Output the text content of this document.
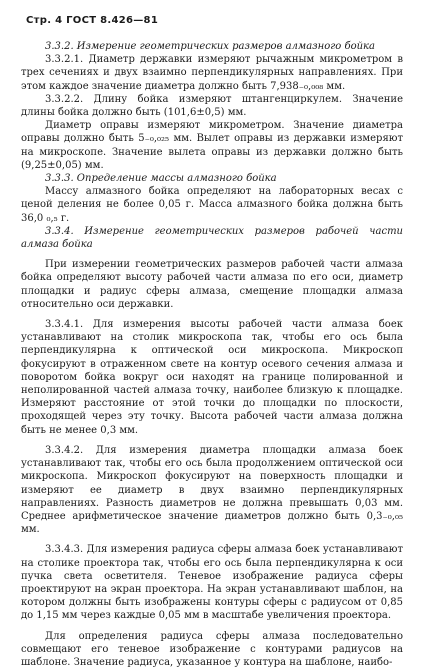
Стр. 4 ГОСТ 8.426—81

3.3.2. Измерение геометрических размеров алмазного бойка

3.3.2.1. Диаметр державки измеряют рычажным микрометром в трех сечениях и двух взаимно перпендикулярных направлениях. При этом каждое значение диаметра должно быть 7,938₋₀,₀₀₈ мм.

3.3.2.2. Длину бойка измеряют штангенциркулем. Значение длины бойка должно быть (101,6±0,5) мм.

Диаметр оправы измеряют микрометром. Значение диаметра оправы должно быть 5₋₀,₀₂₅ мм. Вылет оправы из державки измеряют на микроскопе. Значение вылета оправы из державки должно быть (9,25±0,05) мм.

3.3.3. Определение массы алмазного бойка

Массу алмазного бойка определяют на лабораторных весах с ценой деления не более 0,05 г. Масса алмазного бойка должна быть 36,0 ₀,₅ г.

3.3.4. Измерение геометрических размеров рабочей части алмаза бойка

При измерении геометрических размеров рабочей части алмаза бойка определяют высоту рабочей части алмаза по его оси, диаметр площадки и радиус сферы алмаза, смещение площадки алмаза относительно оси державки.

3.3.4.1. Для измерения высоты рабочей части алмаза боек устанавливают на столик микроскопа так, чтобы его ось была перпендикулярна к оптической оси микроскопа. Микроскоп фокусируют в отраженном свете на контур осевого сечения алмаза и поворотом бойка вокруг оси находят на границе полированной и неполированной частей алмаза точку, наиболее близкую к площадке. Измеряют расстояние от этой точки до площадки по плоскости, проходящей через эту точку. Высота рабочей части алмаза должна быть не менее 0,3 мм.

3.3.4.2. Для измерения диаметра площадки алмаза боек устанавливают так, чтобы его ось была продолжением оптической оси микроскопа. Микроскоп фокусируют на поверхность площадки и измеряют ее диаметр в двух взаимно перпендикулярных направлениях. Разность диаметров не должна превышать 0,03 мм. Среднее арифметическое значение диаметров должно быть 0,3₋₀,₀₅ мм.

3.3.4.3. Для измерения радиуса сферы алмаза боек устанавливают на столике проектора так, чтобы его ось была перпендикулярна к оси пучка света осветителя. Теневое изображение радиуса сферы проектируют на экран проектора. На экран устанавливают шаблон, на котором должны быть изображены контуры сферы с радиусом от 0,85 до 1,15 мм через каждые 0,05 мм в масштабе увеличения проектора.

Для определения радиуса сферы алмаза последовательно совмещают его теневое изображение с контурами радиусов на шаблоне. Значение радиуса, указанное у контура на шаблоне, наибо-
